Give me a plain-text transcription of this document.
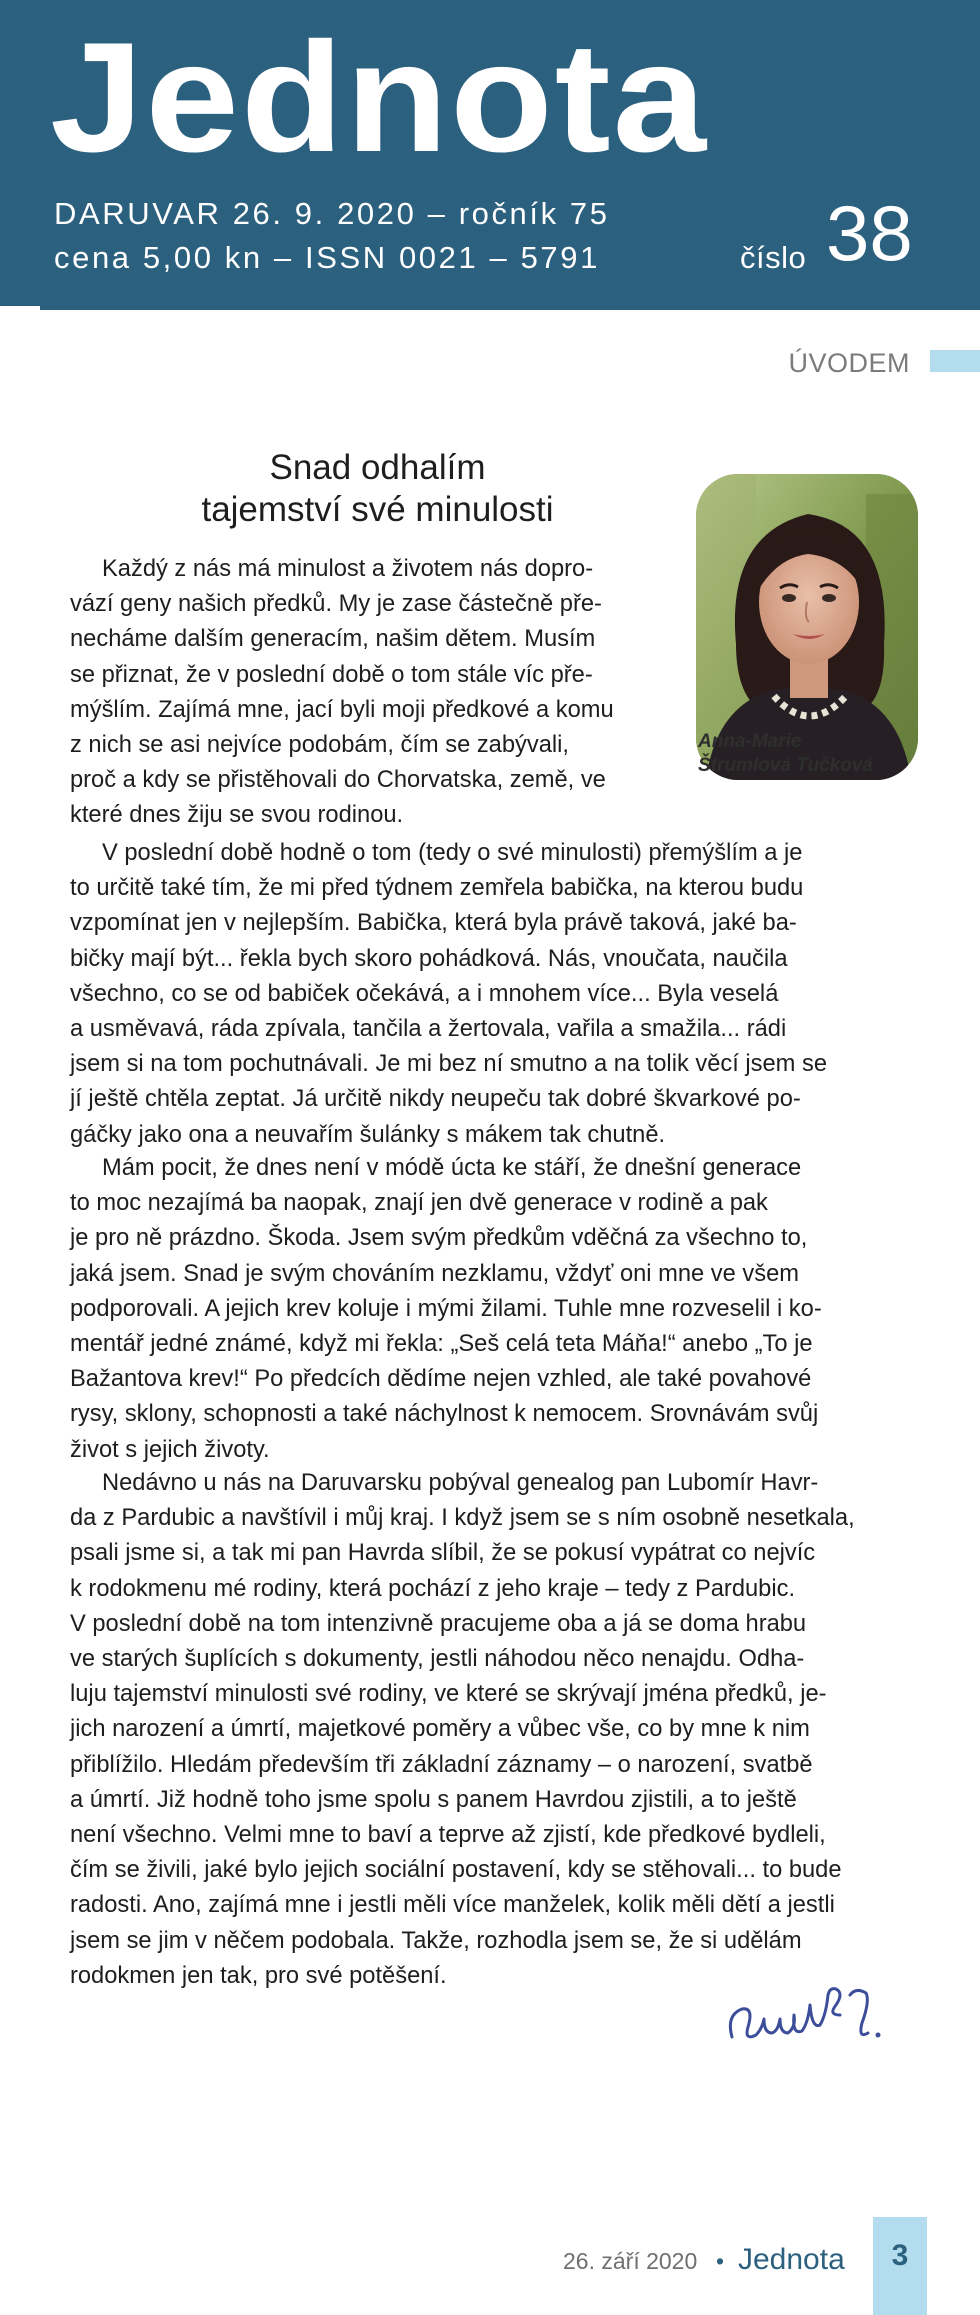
Jednota
DARUVAR 26. 9. 2020 – ročník 75
cena 5,00 kn – ISSN 0021 – 5791	číslo 38
ÚVODEM
Snad odhalím
tajemství své minulosti
Anna-Marie
Štrumlová Tučková
Každý z nás má minulost a životem nás dopro-
vází geny našich předků. My je zase částečně pře-
necháme dalším generacím, našim dětem. Musím
se přiznat, že v poslední době o tom stále víc pře-
mýšlím. Zajímá mne, jací byli moji předkové a komu
z nich se asi nejvíce podobám, čím se zabývali,
proč a kdy se přistěhovali do Chorvatska, země, ve
které dnes žiju se svou rodinou.
V poslední době hodně o tom (tedy o své minulosti) přemýšlím a je
to určitě také tím, že mi před týdnem zemřela babička, na kterou budu
vzpomínat jen v nejlepším. Babička, která byla právě taková, jaké ba-
bičky mají být... řekla bych skoro pohádková. Nás, vnoučata, naučila
všechno, co se od babiček očekává, a i mnohem více... Byla veselá
a usměvavá, ráda zpívala, tančila a žertovala, vařila a smažila... rádi
jsem si na tom pochutnávali. Je mi bez ní smutno a na tolik věcí jsem se
jí ještě chtěla zeptat. Já určitě nikdy neupeču tak dobré škvarkové po-
gáčky jako ona a neuvařím šulánky s mákem tak chutně.
Mám pocit, že dnes není v módě úcta ke stáří, že dnešní generace
to moc nezajímá ba naopak, znají jen dvě generace v rodině a pak
je pro ně prázdno. Škoda. Jsem svým předkům vděčná za všechno to,
jaká jsem. Snad je svým chováním nezklamu, vždyť oni mne ve všem
podporovali. A jejich krev koluje i mými žilami. Tuhle mne rozveselil i ko-
mentář jedné známé, když mi řekla: „Seš celá teta Máňa!“ anebo „To je
Bažantova krev!“ Po předcích dědíme nejen vzhled, ale také povahové
rysy, sklony, schopnosti a také náchylnost k nemocem. Srovnávám svůj
život s jejich životy.
Nedávno u nás na Daruvarsku pobýval genealog pan Lubomír Havr-
da z Pardubic a navštívil i můj kraj. I když jsem se s ním osobně nesetkala,
psali jsme si, a tak mi pan Havrda slíbil, že se pokusí vypátrat co nejvíc
k rodokmenu mé rodiny, která pochází z jeho kraje – tedy z Pardubic.
V poslední době na tom intenzivně pracujeme oba a já se doma hrabu
ve starých šuplících s dokumenty, jestli náhodou něco nenajdu. Odha-
luju tajemství minulosti své rodiny, ve které se skrývají jména předků, je-
jich narození a úmrtí, majetkové poměry a vůbec vše, co by mne k nim
přiblížilo. Hledám především tři základní záznamy – o narození, svatbě
a úmrtí. Již hodně toho jsme spolu s panem Havrdou zjistili, a to ještě
není všechno. Velmi mne to baví a teprve až zjistí, kde předkové bydleli,
čím se živili, jaké bylo jejich sociální postavení, kdy se stěhovali... to bude
radosti. Ano, zajímá mne i jestli měli více manželek, kolik měli dětí a jestli
jsem se jim v něčem podobala. Takže, rozhodla jsem se, že si udělám
rodokmen jen tak, pro své potěšení.
26. září 2020 • Jednota	3
